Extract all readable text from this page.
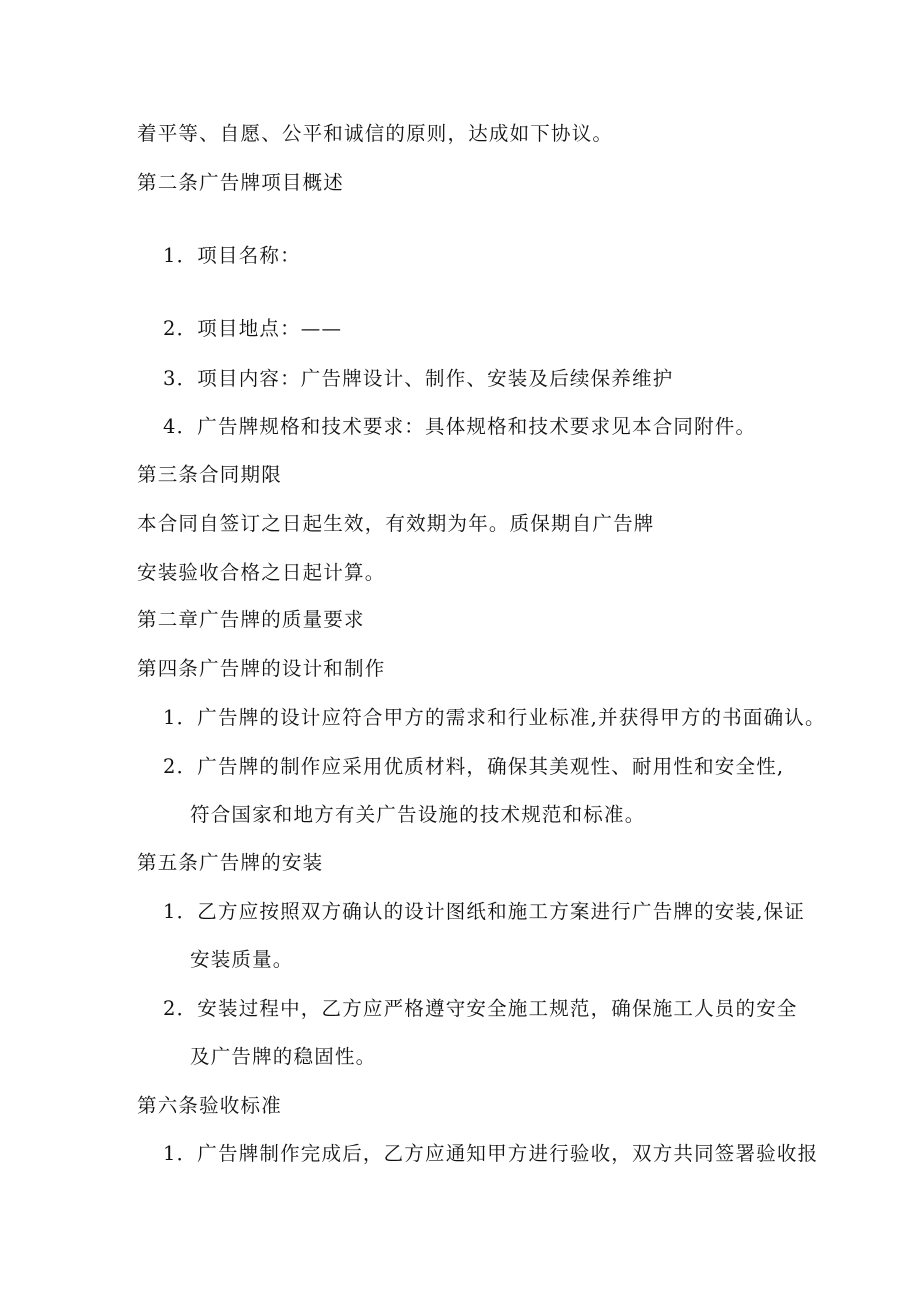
着平等、自愿、公平和诚信的原则，达成如下协议。
第二条广告牌项目概述
1．项目名称：
2．项目地点：——
3．项目内容：广告牌设计、制作、安装及后续保养维护
4．广告牌规格和技术要求：具体规格和技术要求见本合同附件。
第三条合同期限
本合同自签订之日起生效，有效期为年。质保期自广告牌
安装验收合格之日起计算。
第二章广告牌的质量要求
第四条广告牌的设计和制作
1．广告牌的设计应符合甲方的需求和行业标准,并获得甲方的书面确认。
2．广告牌的制作应采用优质材料，确保其美观性、耐用性和安全性,
符合国家和地方有关广告设施的技术规范和标准。
第五条广告牌的安装
1．乙方应按照双方确认的设计图纸和施工方案进行广告牌的安装,保证
安装质量。
2．安装过程中，乙方应严格遵守安全施工规范，确保施工人员的安全
及广告牌的稳固性。
第六条验收标准
1．广告牌制作完成后，乙方应通知甲方进行验收，双方共同签署验收报
